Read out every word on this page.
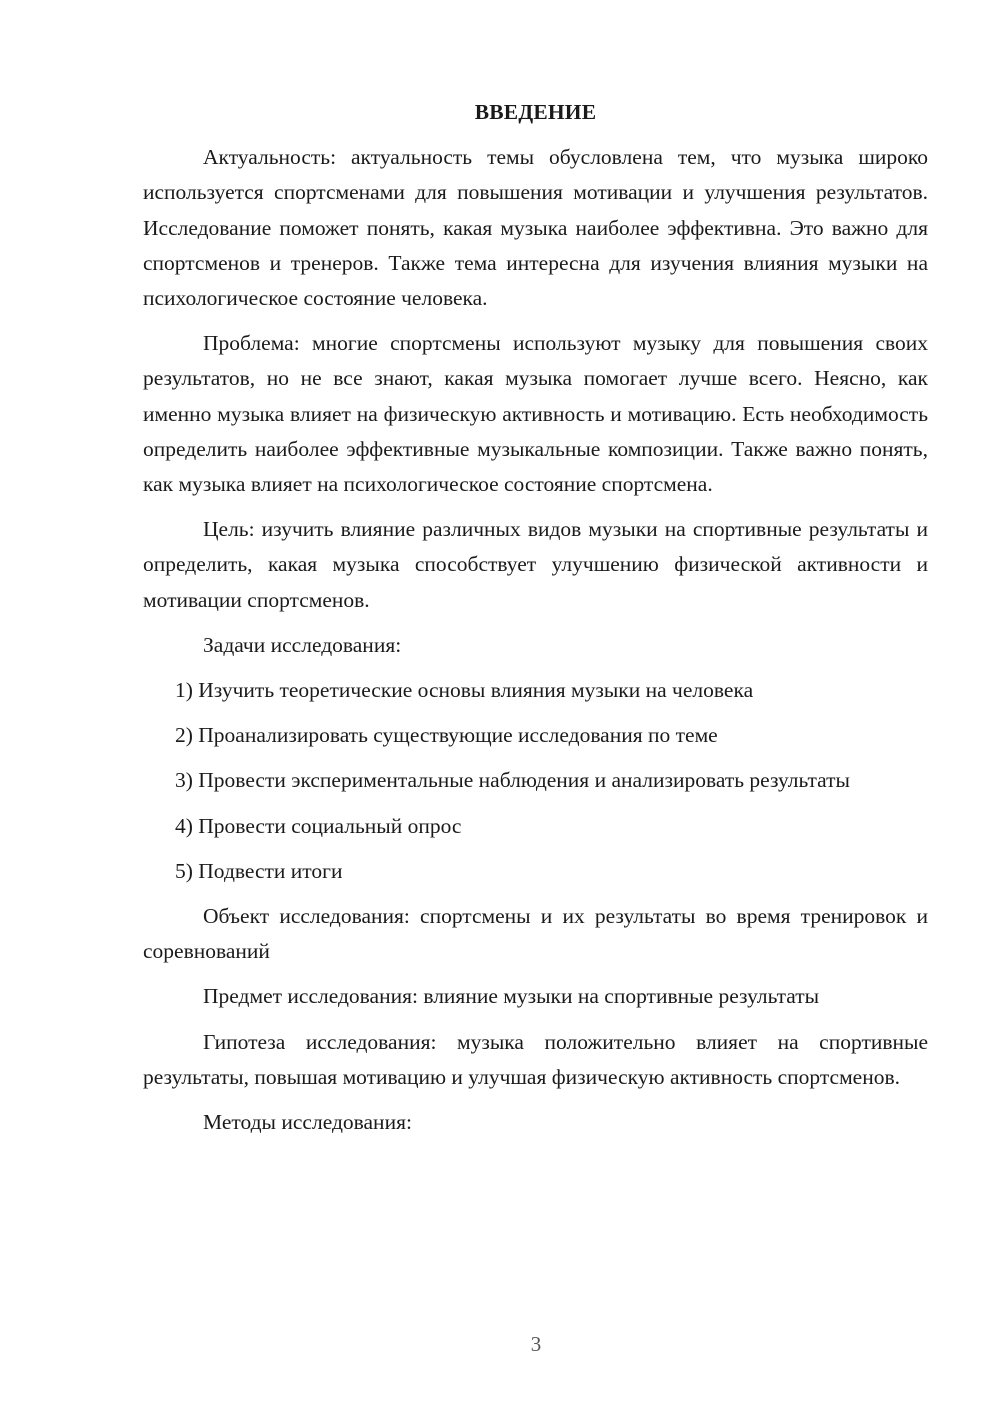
ВВЕДЕНИЕ

Актуальность: актуальность темы обусловлена тем, что музыка широко используется спортсменами для повышения мотивации и улучшения результатов. Исследование поможет понять, какая музыка наиболее эффективна. Это важно для спортсменов и тренеров. Также тема интересна для изучения влияния музыки на психологическое состояние человека.

Проблема: многие спортсмены используют музыку для повышения своих результатов, но не все знают, какая музыка помогает лучше всего. Неясно, как именно музыка влияет на физическую активность и мотивацию. Есть необходимость определить наиболее эффективные музыкальные композиции. Также важно понять, как музыка влияет на психологическое состояние спортсмена.

Цель: изучить влияние различных видов музыки на спортивные результаты и определить, какая музыка способствует улучшению физической активности и мотивации спортсменов.

Задачи исследования:

1) Изучить теоретические основы влияния музыки на человека

2) Проанализировать существующие исследования по теме

3) Провести экспериментальные наблюдения и анализировать результаты

4) Провести социальный опрос

5) Подвести итоги

Объект исследования: спортсмены и их результаты во время тренировок и соревнований

Предмет исследования: влияние музыки на спортивные результаты

Гипотеза исследования: музыка положительно влияет на спортивные результаты, повышая мотивацию и улучшая физическую активность спортсменов.

Методы исследования:

3
